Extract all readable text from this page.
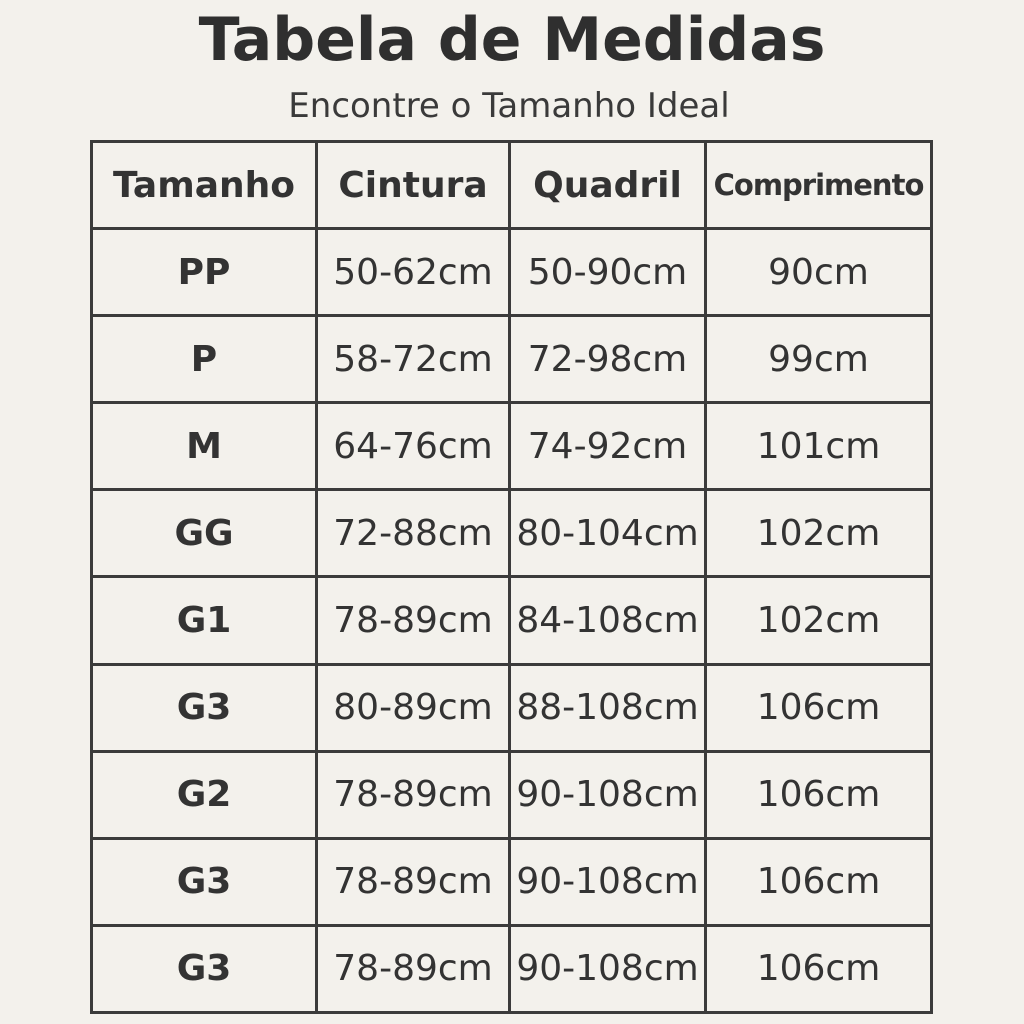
Tabela de Medidas
Encontre o Tamanho Ideal
Tamanho	Cintura	Quadril	Comprimento
PP	50-62cm	50-90cm	90cm
P	58-72cm	72-98cm	99cm
M	64-76cm	74-92cm	101cm
GG	72-88cm	80-104cm	102cm
G1	78-89cm	84-108cm	102cm
G3	80-89cm	88-108cm	106cm
G2	78-89cm	90-108cm	106cm
G3	78-89cm	90-108cm	106cm
G3	78-89cm	90-108cm	106cm
